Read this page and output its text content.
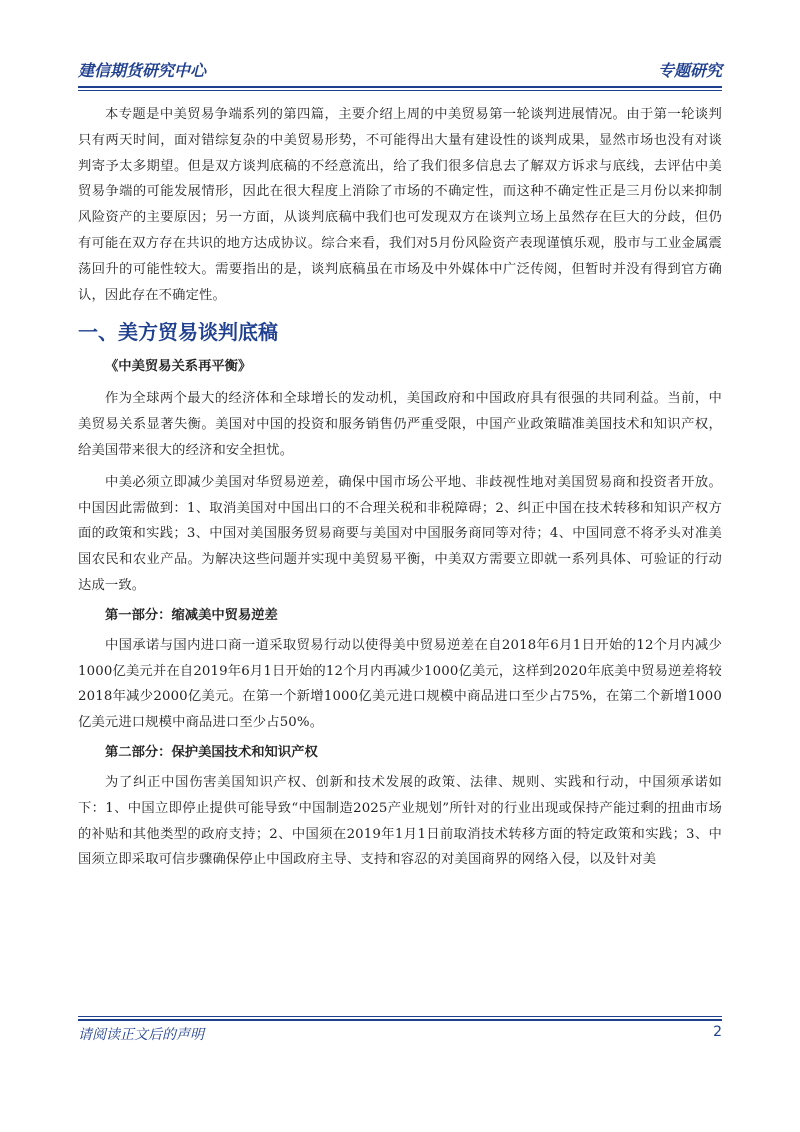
建信期货研究中心	专题研究

本专题是中美贸易争端系列的第四篇，主要介绍上周的中美贸易第一轮谈判进展情况。由于第一轮谈判只有两天时间，面对错综复杂的中美贸易形势，不可能得出大量有建设性的谈判成果，显然市场也没有对谈判寄予太多期望。但是双方谈判底稿的不经意流出，给了我们很多信息去了解双方诉求与底线，去评估中美贸易争端的可能发展情形，因此在很大程度上消除了市场的不确定性，而这种不确定性正是三月份以来抑制风险资产的主要原因；另一方面，从谈判底稿中我们也可发现双方在谈判立场上虽然存在巨大的分歧，但仍有可能在双方存在共识的地方达成协议。综合来看，我们对5月份风险资产表现谨慎乐观，股市与工业金属震荡回升的可能性较大。需要指出的是，谈判底稿虽在市场及中外媒体中广泛传阅，但暂时并没有得到官方确认，因此存在不确定性。

一、美方贸易谈判底稿
《中美贸易关系再平衡》

作为全球两个最大的经济体和全球增长的发动机，美国政府和中国政府具有很强的共同利益。当前，中美贸易关系显著失衡。美国对中国的投资和服务销售仍严重受限，中国产业政策瞄准美国技术和知识产权，给美国带来很大的经济和安全担忧。

中美必须立即减少美国对华贸易逆差，确保中国市场公平地、非歧视性地对美国贸易商和投资者开放。中国因此需做到：1、取消美国对中国出口的不合理关税和非税障碍；2、纠正中国在技术转移和知识产权方面的政策和实践；3、中国对美国服务贸易商要与美国对中国服务商同等对待；4、中国同意不将矛头对准美国农民和农业产品。为解决这些问题并实现中美贸易平衡，中美双方需要立即就一系列具体、可验证的行动达成一致。

第一部分：缩减美中贸易逆差

中国承诺与国内进口商一道采取贸易行动以使得美中贸易逆差在自2018年6月1日开始的12个月内减少1000亿美元并在自2019年6月1日开始的12个月内再减少1000亿美元，这样到2020年底美中贸易逆差将较2018年减少2000亿美元。在第一个新增1000亿美元进口规模中商品进口至少占75%，在第二个新增1000亿美元进口规模中商品进口至少占50%。

第二部分：保护美国技术和知识产权

为了纠正中国伤害美国知识产权、创新和技术发展的政策、法律、规则、实践和行动，中国须承诺如下：1、中国立即停止提供可能导致“中国制造2025产业规划”所针对的行业出现或保持产能过剩的扭曲市场的补贴和其他类型的政府支持；2、中国须在2019年1月1日前取消技术转移方面的特定政策和实践；3、中国须立即采取可信步骤确保停止中国政府主导、支持和容忍的对美国商界的网络入侵，以及针对美

请阅读正文后的声明	2
